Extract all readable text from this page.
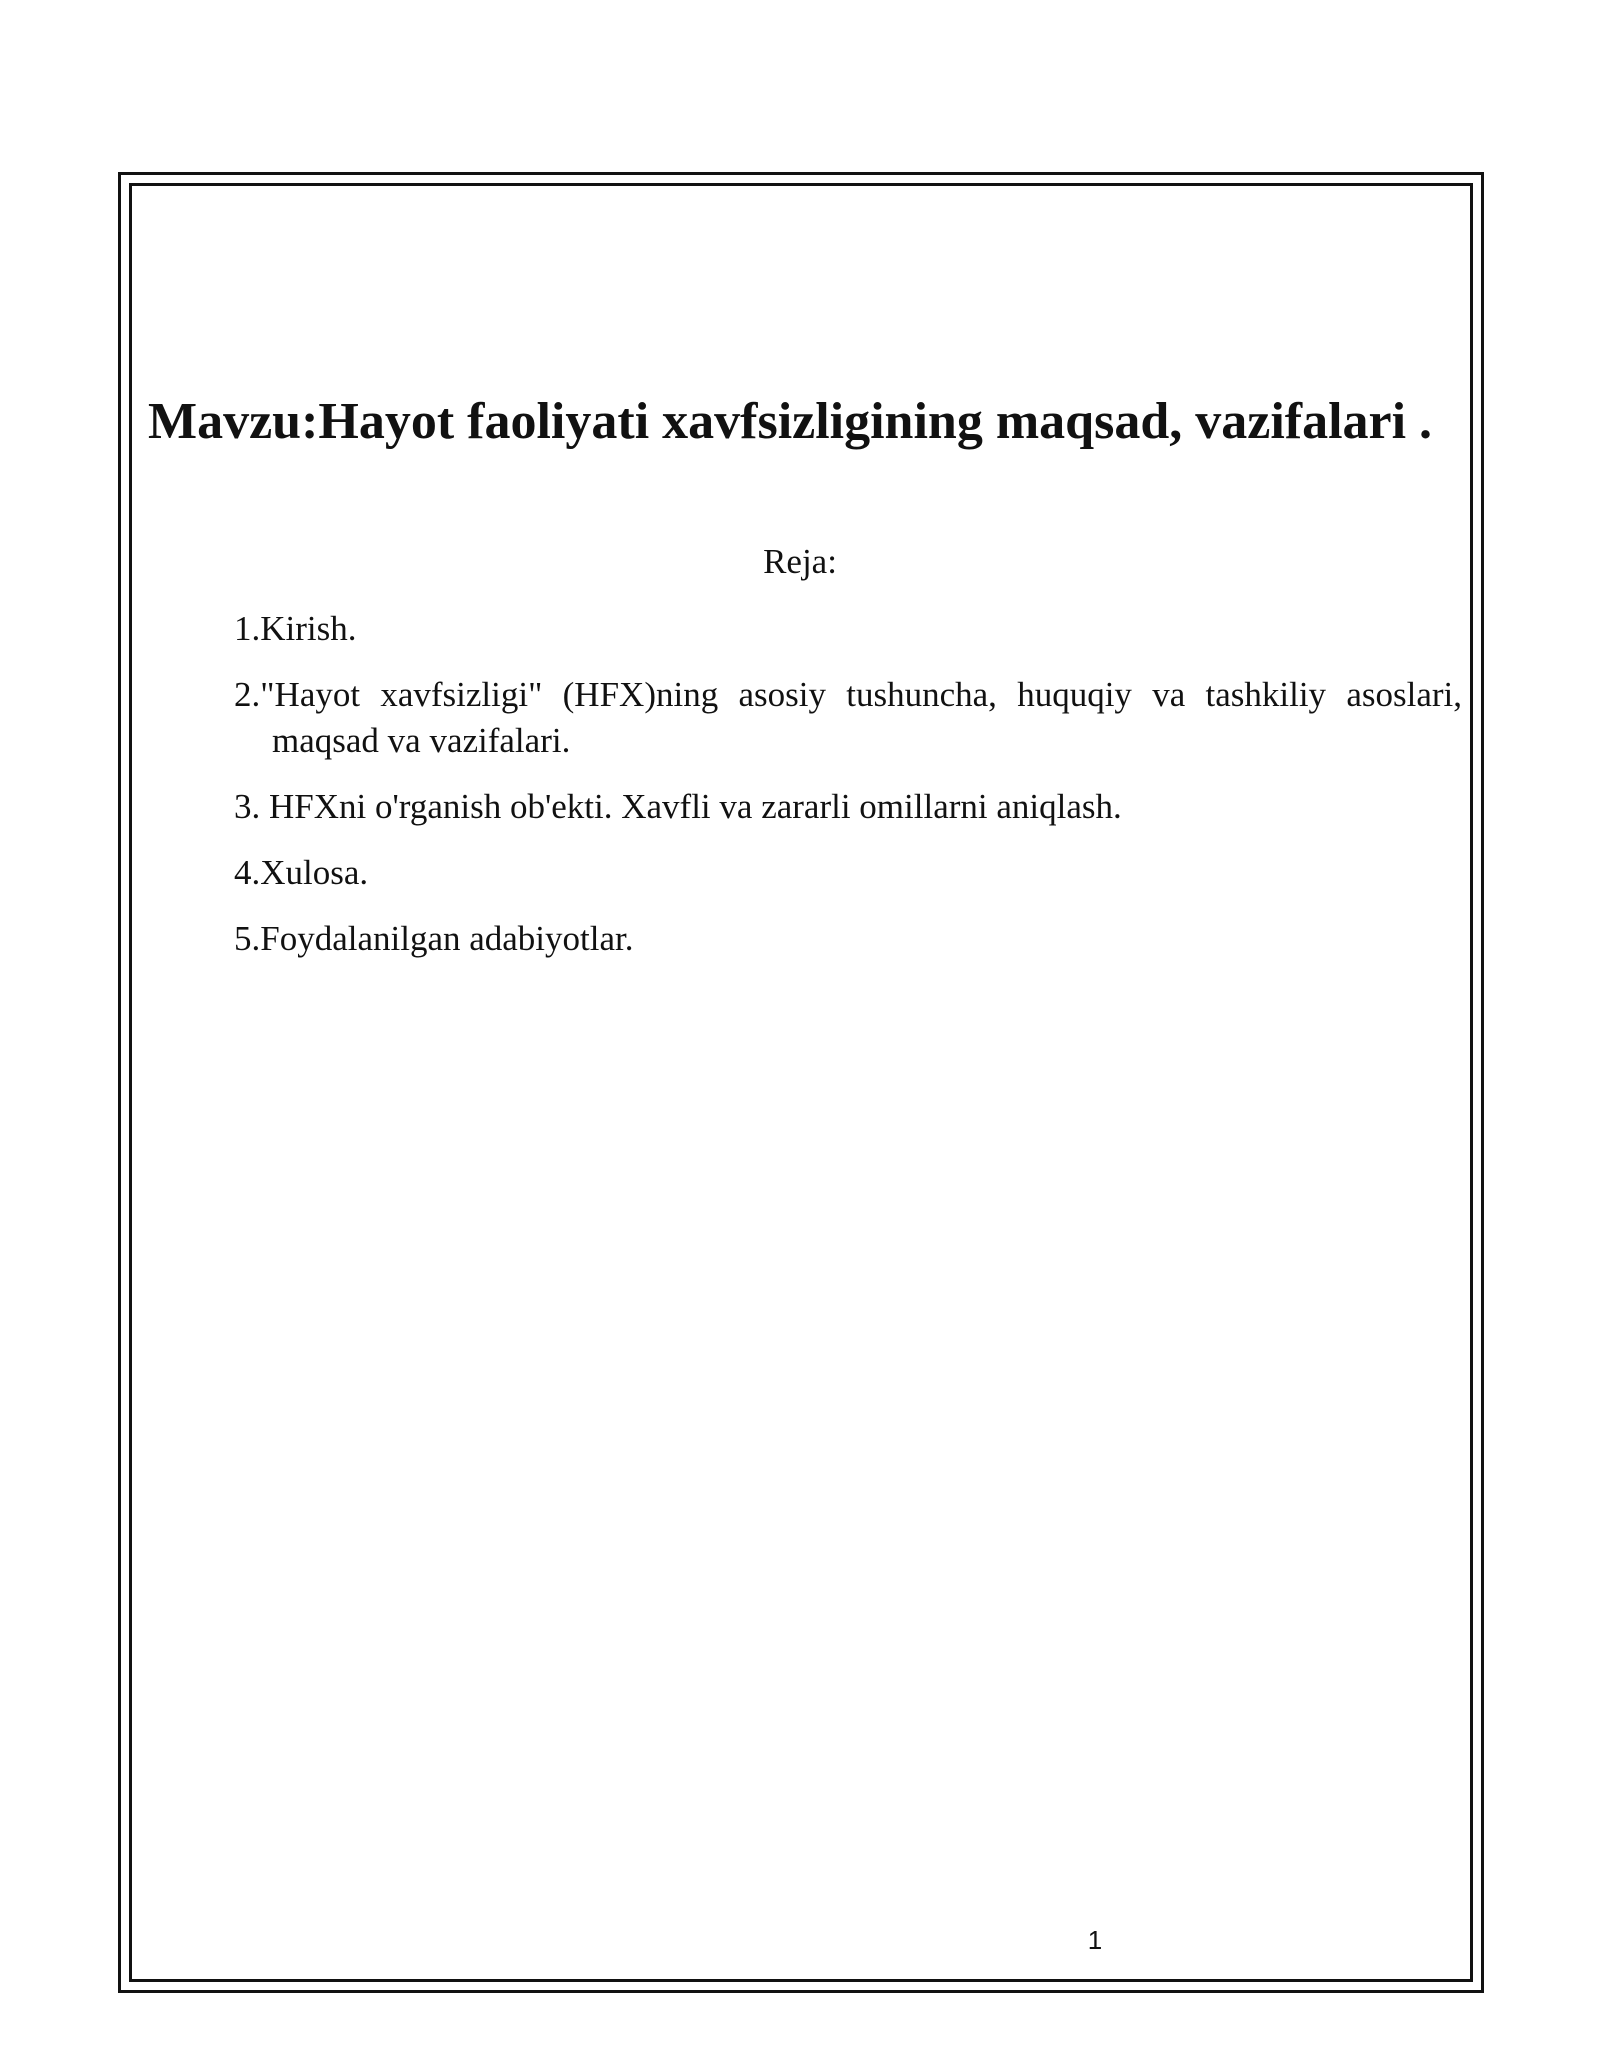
Mavzu:Hayot faoliyati xavfsizligining maqsad, vazifalari .

Reja:

1.Kirish.
2."Hayot xavfsizligi" (HFX)ning asosiy tushuncha, huquqiy va tashkiliy asoslari, maqsad va vazifalari.
3. HFXni o'rganish ob'ekti. Xavfli va zararli omillarni aniqlash.
4.Xulosa.
5.Foydalanilgan adabiyotlar.
1
